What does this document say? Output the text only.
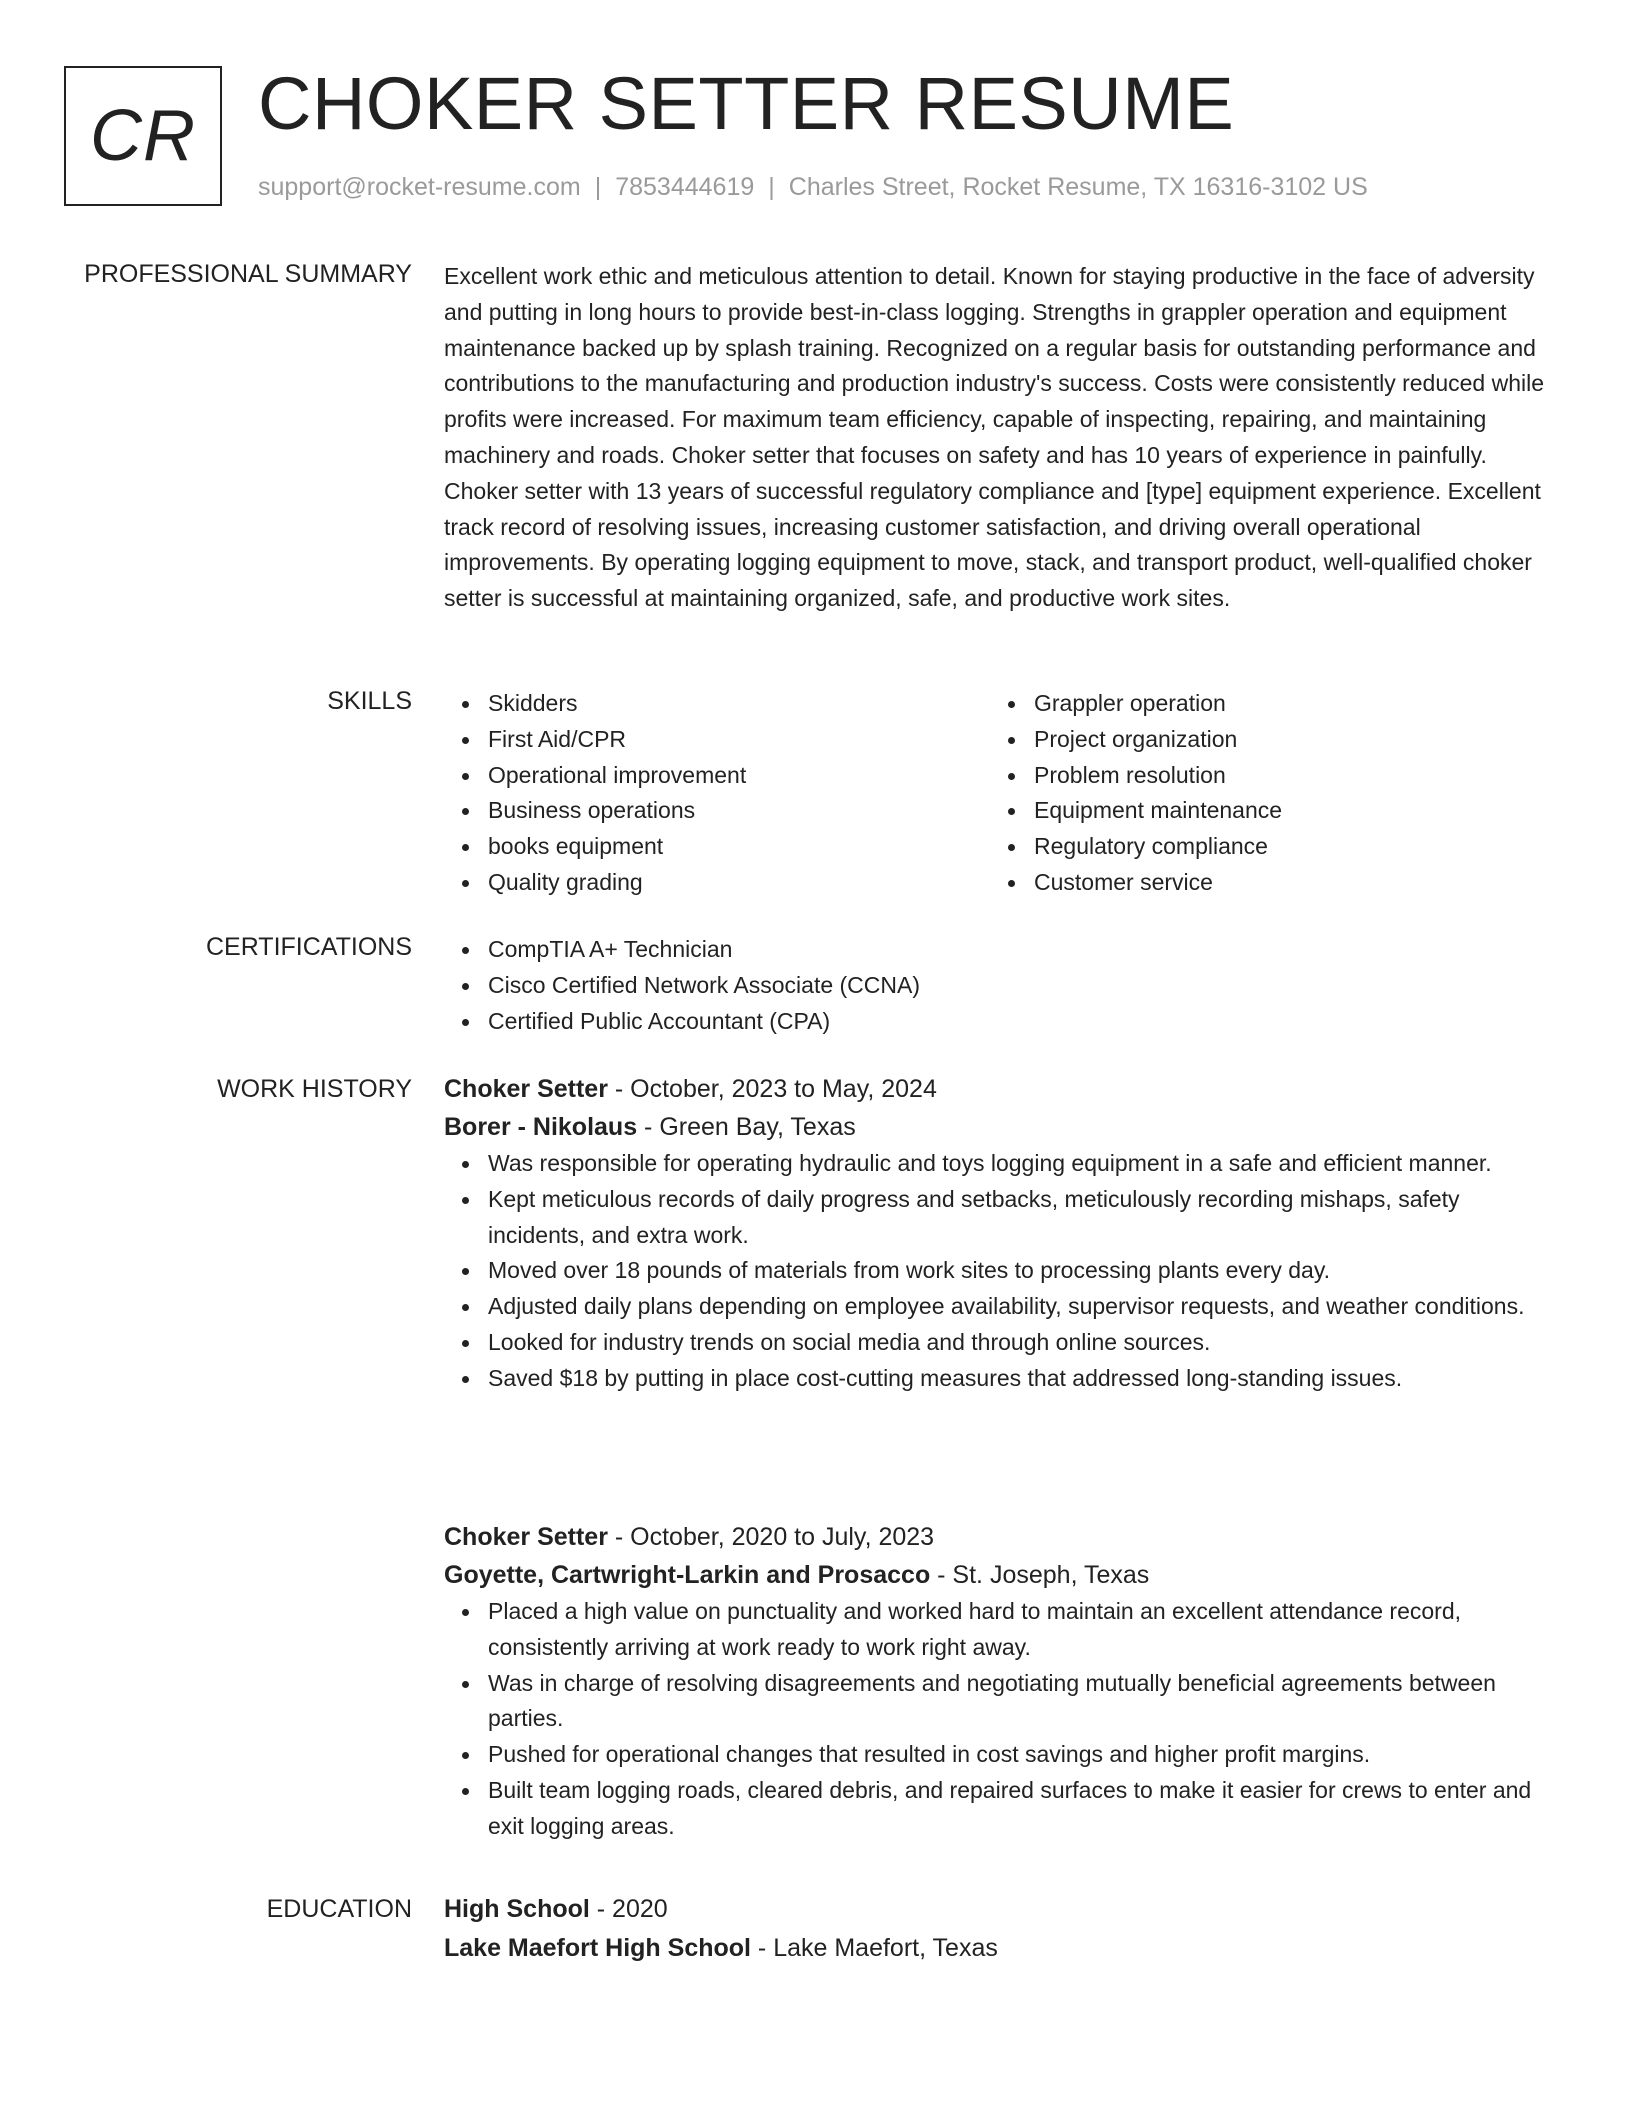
CR CHOKER SETTER RESUME
support@rocket-resume.com | 7853444619 | Charles Street, Rocket Resume, TX 16316-3102 US
PROFESSIONAL SUMMARY Excellent work ethic and meticulous attention to detail. Known for staying productive in the face of adversity and putting in long hours to provide best-in-class logging. Strengths in grappler operation and equipment maintenance backed up by splash training. Recognized on a regular basis for outstanding performance and contributions to the manufacturing and production industry's success. Costs were consistently reduced while profits were increased. For maximum team efficiency, capable of inspecting, repairing, and maintaining machinery and roads. Choker setter that focuses on safety and has 10 years of experience in painfully. Choker setter with 13 years of successful regulatory compliance and [type] equipment experience. Excellent track record of resolving issues, increasing customer satisfaction, and driving overall operational improvements. By operating logging equipment to move, stack, and transport product, well-qualified choker setter is successful at maintaining organized, safe, and productive work sites.

SKILLS	Skidders
First Aid/CPR
Operational improvement
Business operations
books equipment
Quality grading
Grappler operation
Project organization
Problem resolution
Equipment maintenance
Regulatory compliance
Customer service
CERTIFICATIONS	CompTIA A+ Technician
Cisco Certified Network Associate (CCNA)
Certified Public Accountant (CPA)
WORK HISTORY Choker Setter - October, 2023 to May, 2024
Borer - Nikolaus - Green Bay, Texas
Was responsible for operating hydraulic and toys logging equipment in a safe and efficient manner.
Kept meticulous records of daily progress and setbacks, meticulously recording mishaps, safety incidents, and extra work.
Moved over 18 pounds of materials from work sites to processing plants every day.
Adjusted daily plans depending on employee availability, supervisor requests, and weather conditions.
Looked for industry trends on social media and through online sources.
Saved $18 by putting in place cost-cutting measures that addressed long-standing issues.
Choker Setter - October, 2020 to July, 2023
Goyette, Cartwright-Larkin and Prosacco - St. Joseph, Texas
Placed a high value on punctuality and worked hard to maintain an excellent attendance record, consistently arriving at work ready to work right away.
Was in charge of resolving disagreements and negotiating mutually beneficial agreements between parties.
Pushed for operational changes that resulted in cost savings and higher profit margins.
Built team logging roads, cleared debris, and repaired surfaces to make it easier for crews to enter and exit logging areas.
EDUCATION High School - 2020
Lake Maefort High School - Lake Maefort, Texas
